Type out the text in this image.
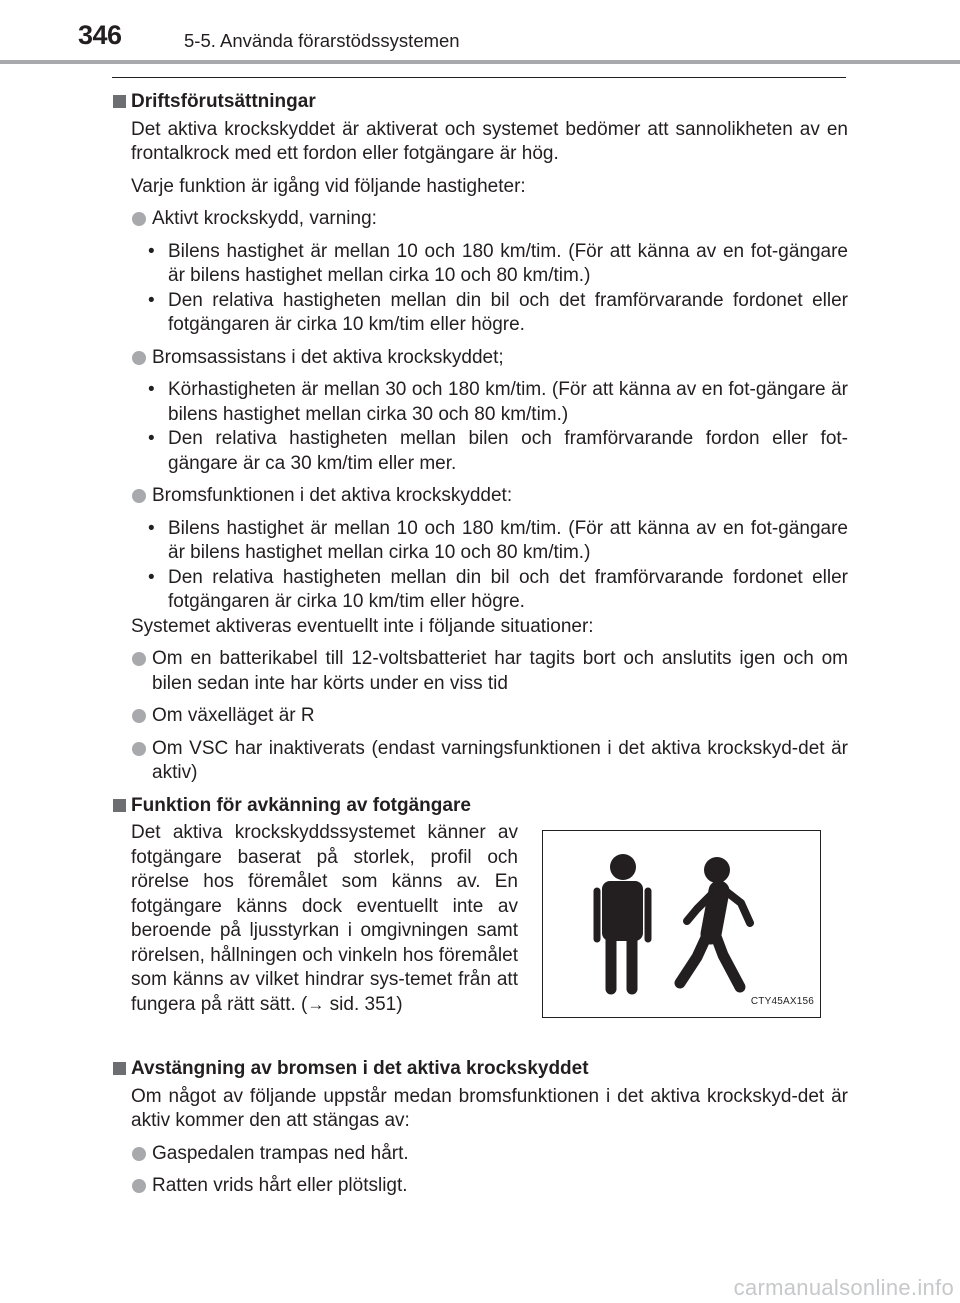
346	5-5. Använda förarstödssystemen
Driftsförutsättningar
Det aktiva krockskyddet är aktiverat och systemet bedömer att sannolikheten av en frontalkrock med ett fordon eller fotgängare är hög.
Varje funktion är igång vid följande hastigheter:
Aktivt krockskydd, varning:
• Bilens hastighet är mellan 10 och 180 km/tim. (För att känna av en fot-gängare är bilens hastighet mellan cirka 10 och 80 km/tim.)
• Den relativa hastigheten mellan din bil och det framförvarande fordonet eller fotgängaren är cirka 10 km/tim eller högre.
Bromsassistans i det aktiva krockskyddet;
• Körhastigheten är mellan 30 och 180 km/tim. (För att känna av en fot-gängare är bilens hastighet mellan cirka 30 och 80 km/tim.)
• Den relativa hastigheten mellan bilen och framförvarande fordon eller fot-gängare är ca 30 km/tim eller mer.
Bromsfunktionen i det aktiva krockskyddet:
• Bilens hastighet är mellan 10 och 180 km/tim. (För att känna av en fot-gängare är bilens hastighet mellan cirka 10 och 80 km/tim.)
• Den relativa hastigheten mellan din bil och det framförvarande fordonet eller fotgängaren är cirka 10 km/tim eller högre.
Systemet aktiveras eventuellt inte i följande situationer:
Om en batterikabel till 12-voltsbatteriet har tagits bort och anslutits igen och om bilen sedan inte har körts under en viss tid
Om växelläget är R
Om VSC har inaktiverats (endast varningsfunktionen i det aktiva krockskyd-det är aktiv)
Funktion för avkänning av fotgängare
Det aktiva krockskyddssystemet känner av fotgängare baserat på storlek, profil och rörelse hos föremålet som känns av. En fotgängare känns dock eventuellt inte av beroende på ljusstyrkan i omgivningen samt rörelsen, hållningen och vinkeln hos föremålet som känns av vilket hindrar sys-temet från att fungera på rätt sätt. (→ sid. 351)	CTY45AX156
Avstängning av bromsen i det aktiva krockskyddet
Om något av följande uppstår medan bromsfunktionen i det aktiva krockskyd-det är aktiv kommer den att stängas av:
Gaspedalen trampas ned hårt.
Ratten vrids hårt eller plötsligt.
carmanualsonline.info
